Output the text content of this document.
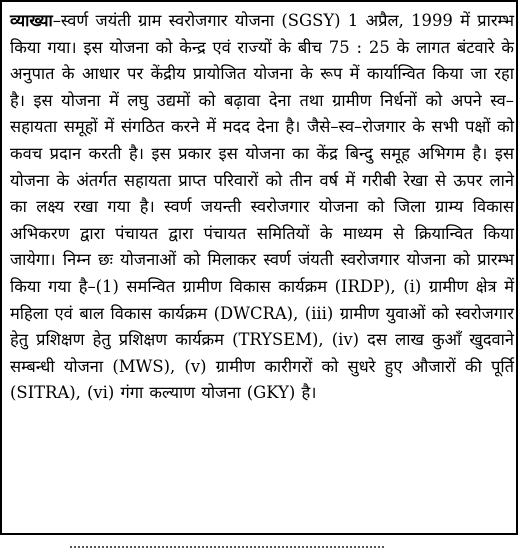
व्याख्या–स्वर्ण जयंती ग्राम स्वरोजगार योजना (SGSY) 1 अप्रैल, 1999 में प्रारम्भ किया गया। इस योजना को केन्द्र एवं राज्यों के बीच 75 : 25 के लागत बंटवारे के अनुपात के आधार पर केंद्रीय प्रायोजित योजना के रूप में कार्यान्वित किया जा रहा है। इस योजना में लघु उद्यमों को बढ़ावा देना तथा ग्रामीण निर्धनों को अपने स्व–सहायता समूहों में संगठित करने में मदद देना है। जैसे–स्व–रोजगार के सभी पक्षों को कवच प्रदान करती है। इस प्रकार इस योजना का केंद्र बिन्दु समूह अभिगम है। इस योजना के अंतर्गत सहायता प्राप्त परिवारों को तीन वर्ष में गरीबी रेखा से ऊपर लाने का लक्ष्य रखा गया है। स्वर्ण जयन्ती स्वरोजगार योजना को जिला ग्राम्य विकास अभिकरण द्वारा पंचायत द्वारा पंचायत समितियों के माध्यम से क्रियान्वित किया जायेगा। निम्न छः योजनाओं को मिलाकर स्वर्ण जंयती स्वरोजगार योजना को प्रारम्भ किया गया है–(1) समन्वित ग्रामीण विकास कार्यक्रम (IRDP), (i) ग्रामीण क्षेत्र में महिला एवं बाल विकास कार्यक्रम (DWCRA), (iii) ग्रामीण युवाओं को स्वरोजगार हेतु प्रशिक्षण हेतु प्रशिक्षण कार्यक्रम (TRYSEM), (iv) दस लाख कुआँ खुदवाने सम्बन्धी योजना (MWS), (v) ग्रामीण कारीगरों को सुधरे हुए औजारों की पूर्ति (SITRA), (vi) गंगा कल्याण योजना (GKY) है।
